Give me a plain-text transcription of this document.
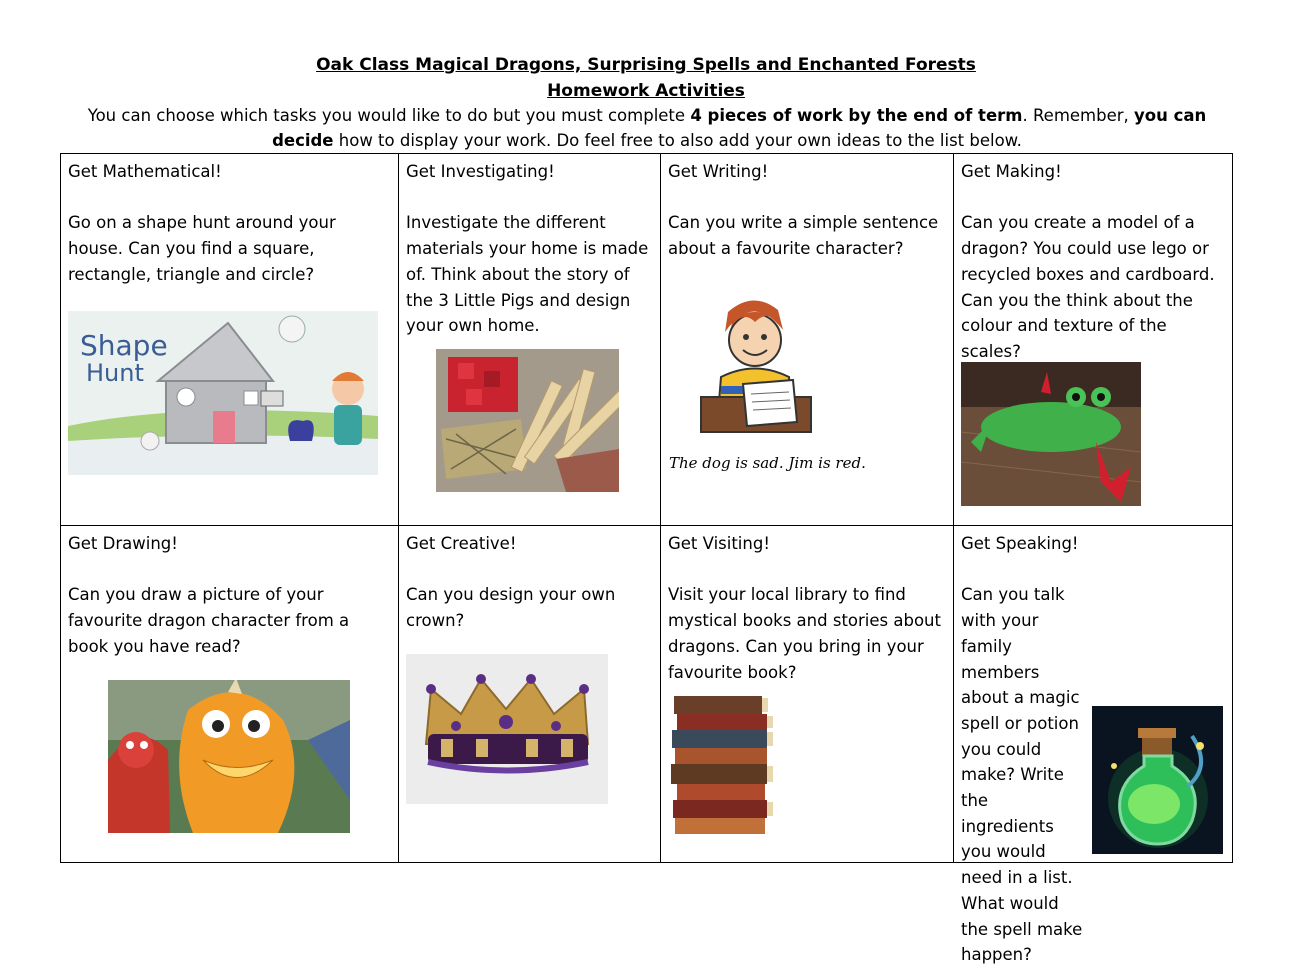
Oak Class Magical Dragons, Surprising Spells and Enchanted Forests

Homework Activities

You can choose which tasks you would like to do but you must complete 4 pieces of work by the end of term. Remember, you can decide how to display your work. Do feel free to also add your own ideas to the list below.

Get Mathematical!
Go on a shape hunt around your house. Can you find a square, rectangle, triangle and circle?
Get Investigating!
Investigate the different materials your home is made of. Think about the story of the 3 Little Pigs and design your own home.
Get Writing!
Can you write a simple sentence about a favourite character?
Get Making!
Can you create a model of a dragon? You could use lego or recycled boxes and cardboard. Can you the think about the colour and texture of the scales?
Get Drawing!
Can you draw a picture of your favourite dragon character from a book you have read?
Get Creative!
Can you design your own crown?
Get Visiting!
Visit your local library to find mystical books and stories about dragons. Can you bring in your favourite book?
Get Speaking!
Can you talk with your family members about a magic spell or potion you could make? Write the ingredients you would need in a list. What would the spell make happen?
Shape
Hunt
The dog is sad. Jim is red.
